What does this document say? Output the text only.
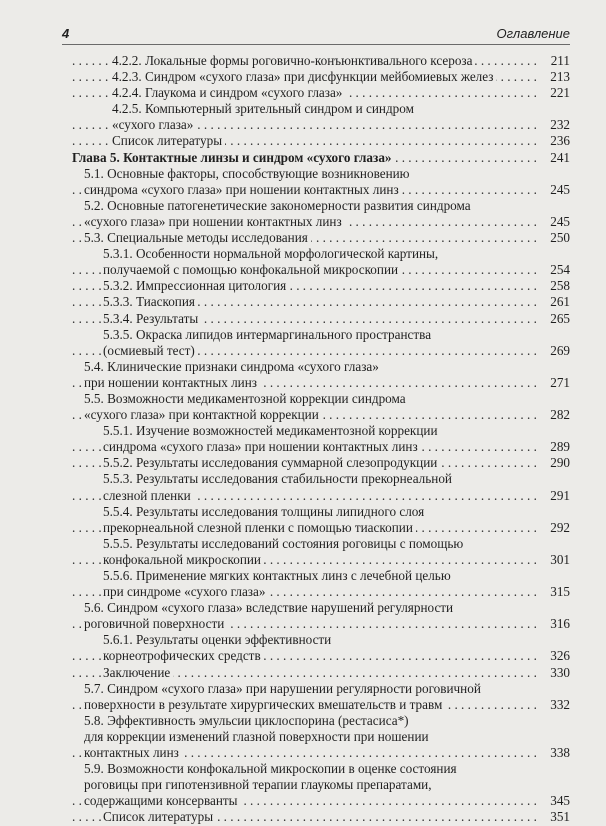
4	Оглавление
4.2.2. Локальные формы роговично-конъюнктивального ксероза	211
. . .
4.2.3. Синдром «сухого глаза» при дисфункции мейбомиевых желез	213
. . .
4.2.4. Глаукома и синдром «сухого глаза»	221
. . .
4.2.5. Компьютерный зрительный синдром и синдром
«сухого глаза»	232
. . .
Список литературы	236
. . .
Глава 5. Контактные линзы и синдром «сухого глаза»	241
. . .
5.1. Основные факторы, способствующие возникновению
синдрома «сухого глаза» при ношении контактных линз	245
. . .
5.2. Основные патогенетические закономерности развития синдрома
«сухого глаза» при ношении контактных линз	245
. . .
5.3. Специальные методы исследования	250
. . .
5.3.1. Особенности нормальной морфологической картины,
получаемой с помощью конфокальной микроскопии	254
. . .
5.3.2. Импрессионная цитология	258
. . .
5.3.3. Тиаскопия	261
. . .
5.3.4. Результаты	265
. . .
5.3.5. Окраска липидов интермаргинального пространства
(осмиевый тест)	269
. . .
5.4. Клинические признаки синдрома «сухого глаза»
при ношении контактных линз	271
. . .
5.5. Возможности медикаментозной коррекции синдрома
«сухого глаза» при контактной коррекции	282
. . .
5.5.1. Изучение возможностей медикаментозной коррекции
синдрома «сухого глаза» при ношении контактных линз	289
. . .
5.5.2. Результаты исследования суммарной слезопродукции	290
. . .
5.5.3. Результаты исследования стабильности прекорнеальной
слезной пленки	291
. . .
5.5.4. Результаты исследования толщины липидного слоя
прекорнеальной слезной пленки с помощью тиаскопии	292
. . .
5.5.5. Результаты исследований состояния роговицы с помощью
конфокальной микроскопии	301
. . .
5.5.6. Применение мягких контактных линз с лечебной целью
при синдроме «сухого глаза»	315
. . .
5.6. Синдром «сухого глаза» вследствие нарушений регулярности
роговичной поверхности	316
. . .
5.6.1. Результаты оценки эффективности
корнеотрофических средств	326
. . .
Заключение	330
. . .
5.7. Синдром «сухого глаза» при нарушении регулярности роговичной
поверхности в результате хирургических вмешательств и травм	332
. . .
5.8. Эффективность эмульсии циклоспорина (рестасиса*)
для коррекции изменений глазной поверхности при ношении
контактных линз	338
. . .
5.9. Возможности конфокальной микроскопии в оценке состояния
роговицы при гипотензивной терапии глаукомы препаратами,
содержащими консерванты	345
. . .
Список литературы	351
. . .
